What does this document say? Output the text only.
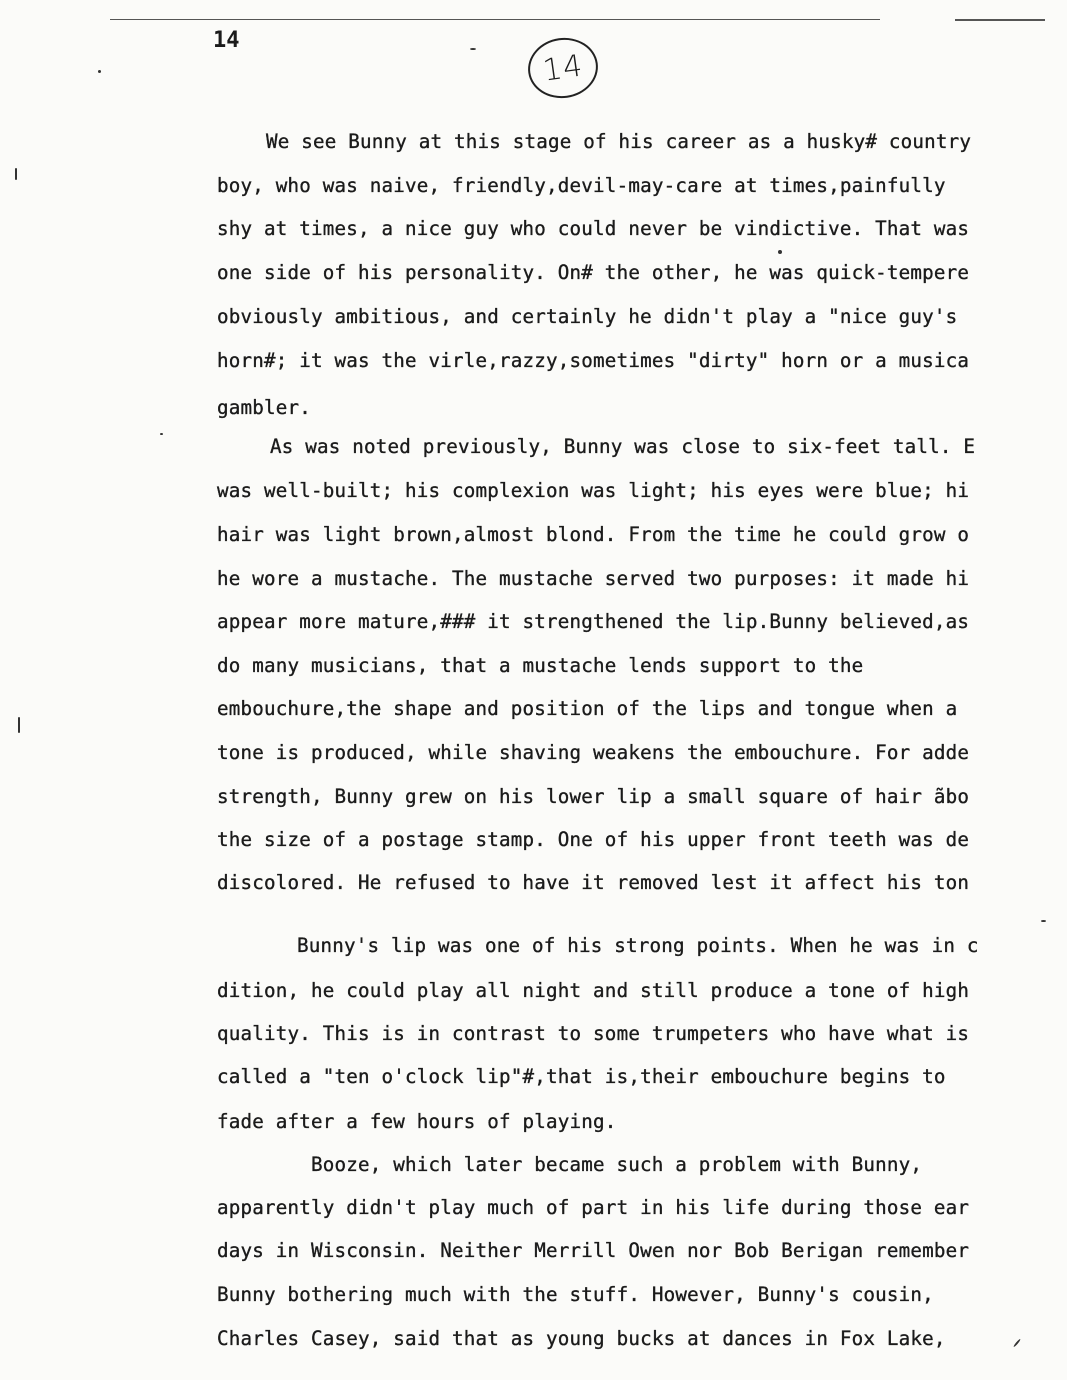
14
14
We see Bunny at this stage of his career as a husky# country
boy, who was naive, friendly,devil-may-care at times,painfully
shy at times, a nice guy who could never be vindictive. That was
one side of his personality. On# the other, he was quick-tempere
obviously ambitious, and certainly he didn't play a "nice guy's
horn#; it was the virle,razzy,sometimes "dirty" horn or a musica
gambler.
As was noted previously, Bunny was close to six-feet tall. E
was well-built; his complexion was light; his eyes were blue; hi
hair was light brown,almost blond. From the time he could grow o
he wore a mustache. The mustache served two purposes: it made hi
appear more mature,### it strengthened the lip.Bunny believed,as
do many musicians, that a mustache lends support to the
embouchure,the shape and position of the lips and tongue when a
tone is produced, while shaving weakens the embouchure. For adde
strength, Bunny grew on his lower lip a small square of hair ãbo
the size of a postage stamp. One of his upper front teeth was de
discolored. He refused to have it removed lest it affect his ton
Bunny's lip was one of his strong points. When he was in c
dition, he could play all night and still produce a tone of high
quality. This is in contrast to some trumpeters who have what is
called a "ten o'clock lip"#,that is,their embouchure begins to
fade after a few hours of playing.
Booze, which later became such a problem with Bunny,
apparently didn't play much of part in his life during those ear
days in Wisconsin. Neither Merrill Owen nor Bob Berigan remember
Bunny bothering much with the stuff. However, Bunny's cousin,
Charles Casey, said that as young bucks at dances in Fox Lake,
